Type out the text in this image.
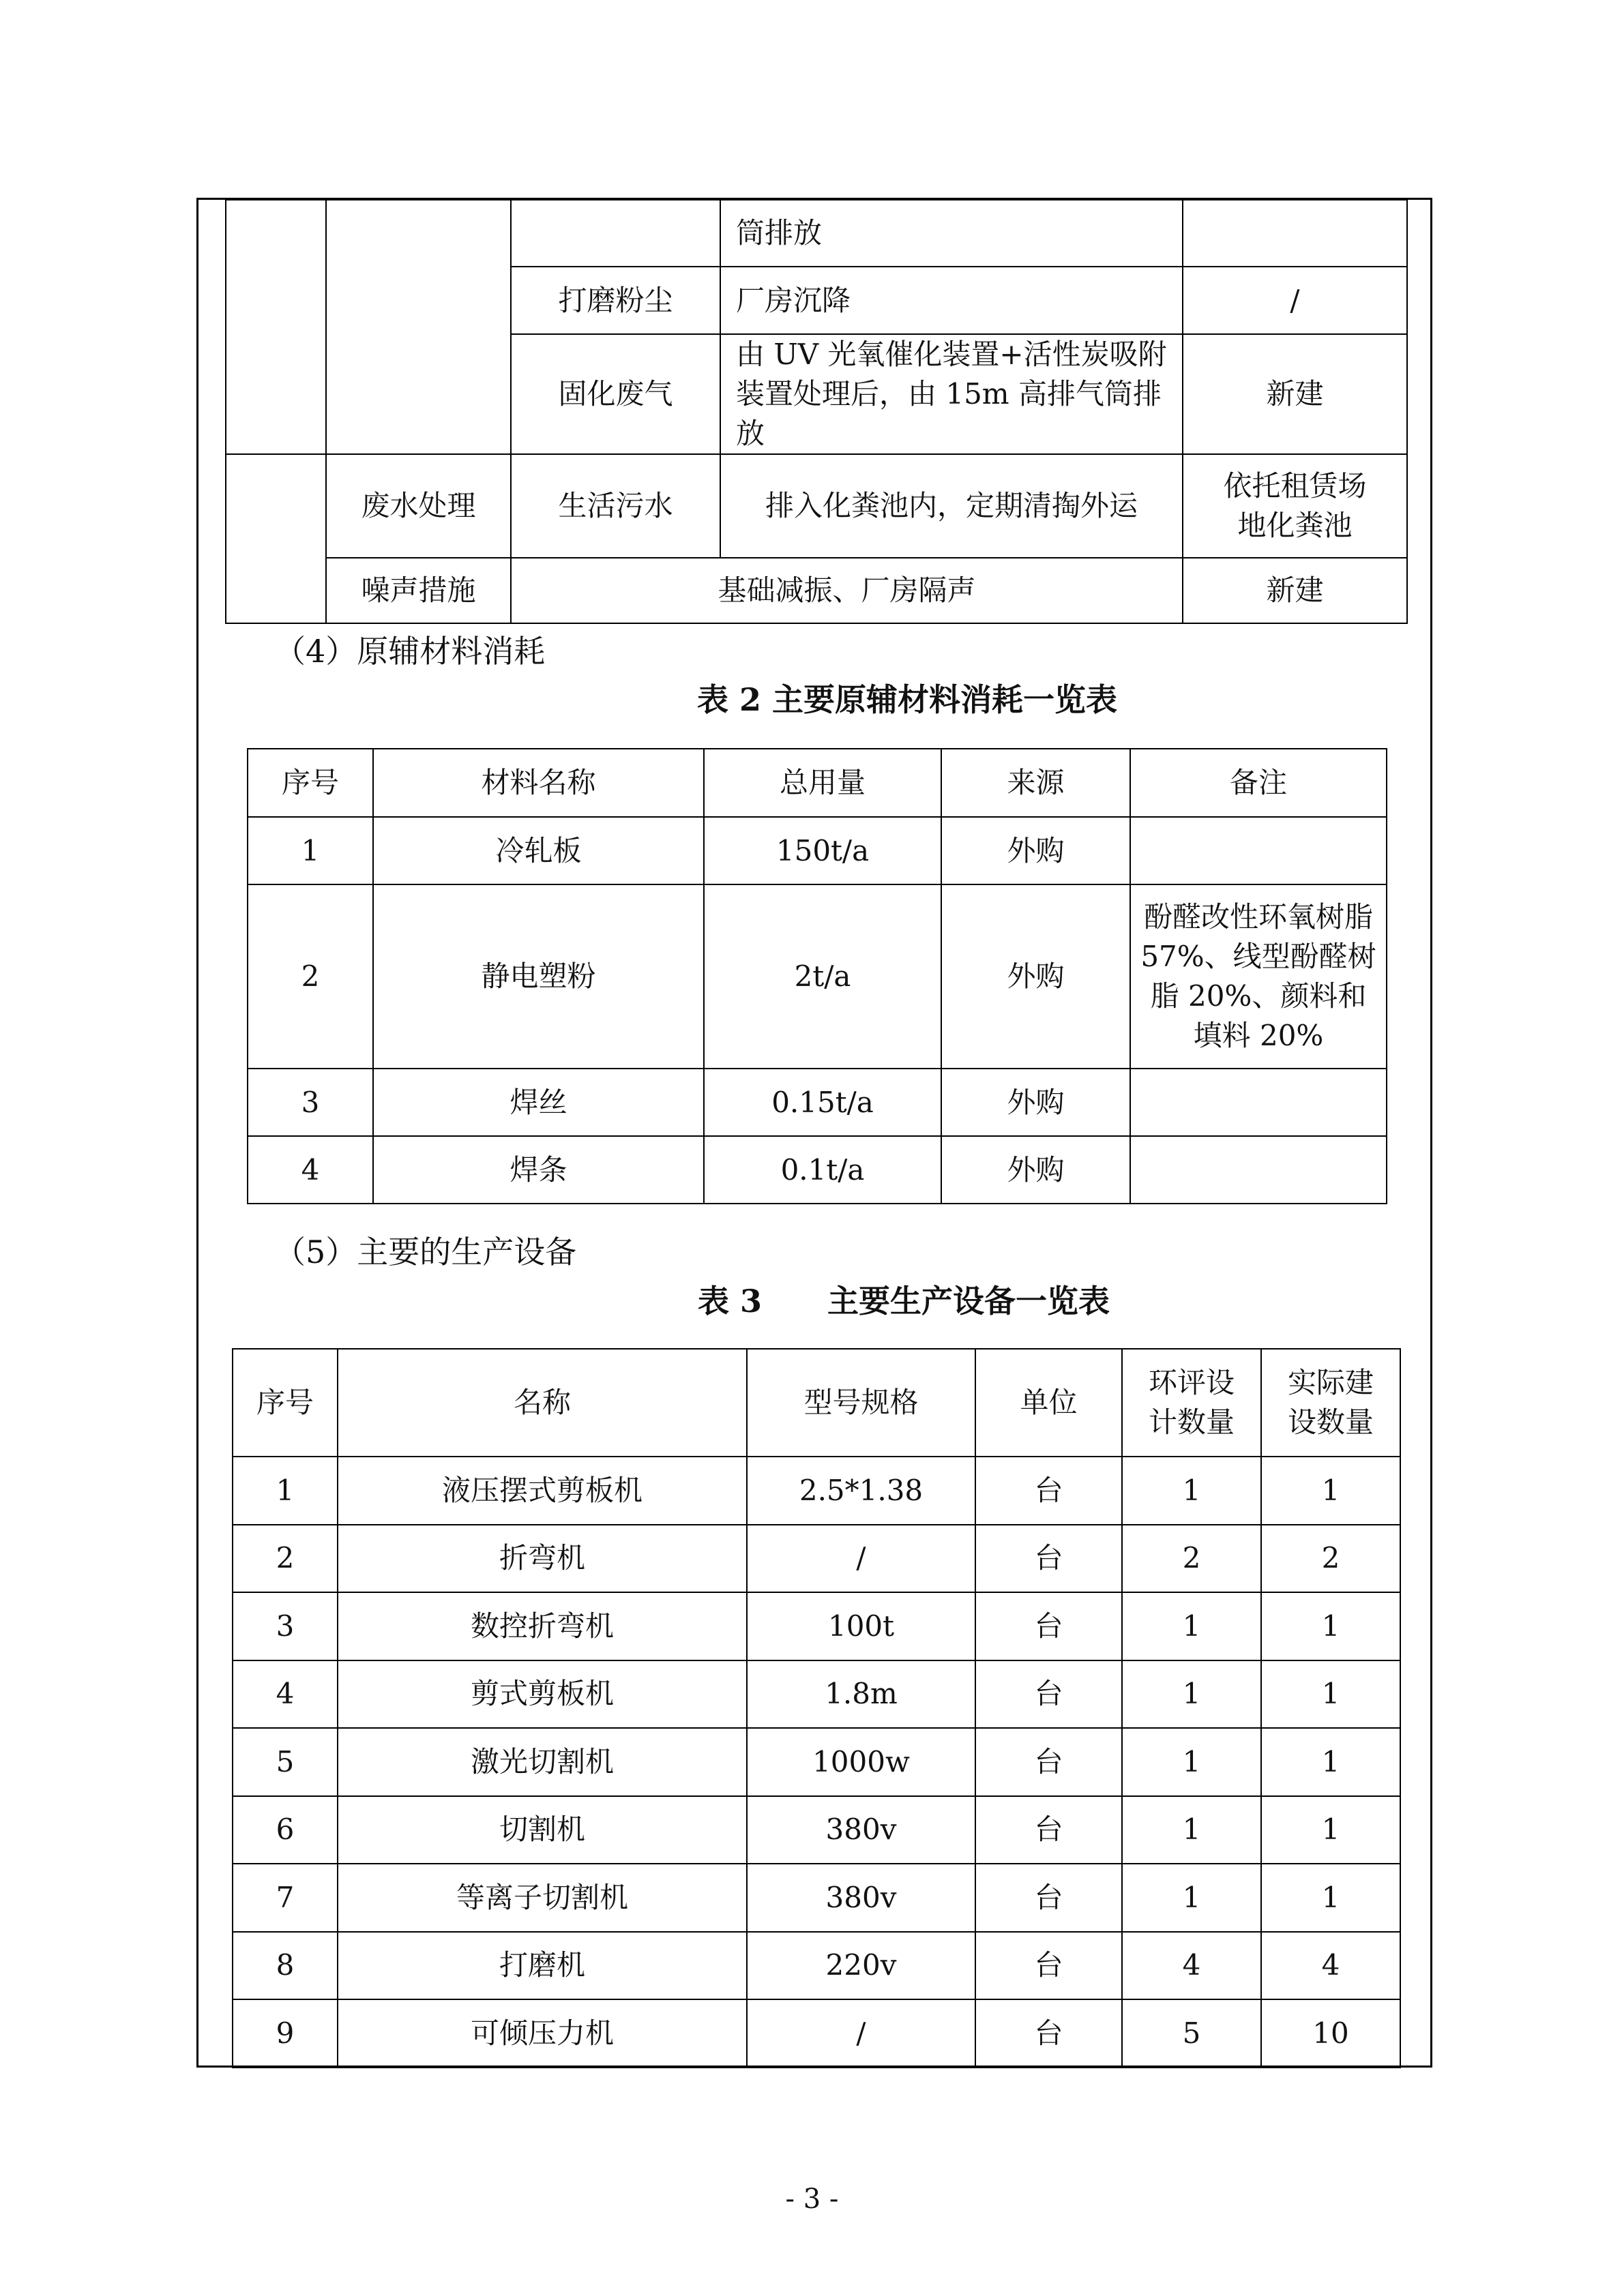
			筒排放	
		打磨粉尘	厂房沉降	/
		固化废气	由 UV 光氧催化装置+活性炭吸附装置处理后，由 15m 高排气筒排放	新建
	废水处理	生活污水	排入化粪池内，定期清掏外运	依托租赁场地化粪池
	噪声措施	基础减振、厂房隔声		新建
（4）原辅材料消耗
表 2 主要原辅材料消耗一览表
序号	材料名称	总用量	来源	备注
1	冷轧板	150t/a	外购	
2	静电塑粉	2t/a	外购	酚醛改性环氧树脂 57%、线型酚醛树脂 20%、颜料和填料 20%
3	焊丝	0.15t/a	外购	
4	焊条	0.1t/a	外购	
（5）主要的生产设备
表 3 主要生产设备一览表
序号	名称	型号规格	单位	环评设计数量	实际建设数量
1	液压摆式剪板机	2.5*1.38	台	1	1
2	折弯机	/	台	2	2
3	数控折弯机	100t	台	1	1
4	剪式剪板机	1.8m	台	1	1
5	激光切割机	1000w	台	1	1
6	切割机	380v	台	1	1
7	等离子切割机	380v	台	1	1
8	打磨机	220v	台	4	4
9	可倾压力机	/	台	5	10
- 3 -
